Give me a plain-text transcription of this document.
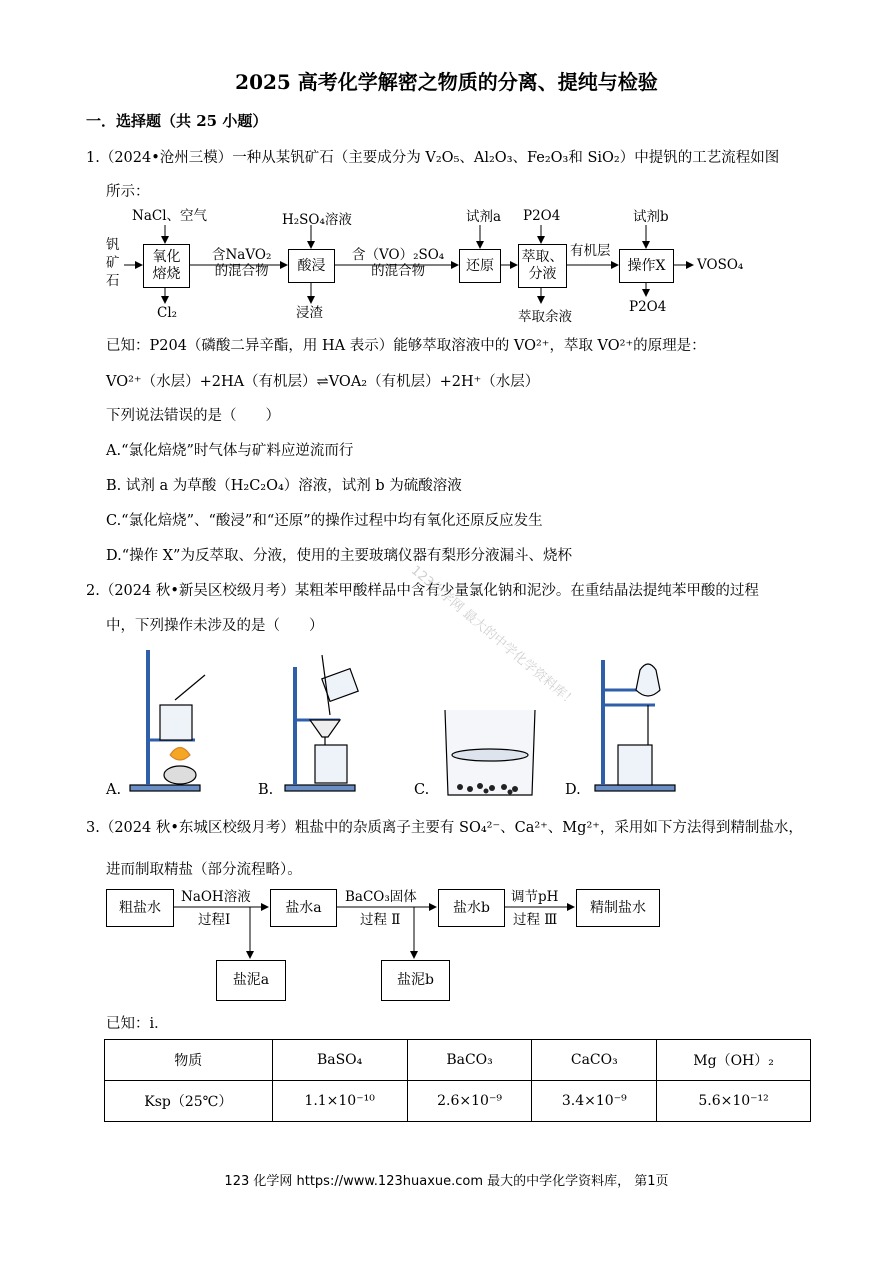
2025 高考化学解密之物质的分离、提纯与检验
一．选择题（共 25 小题）
1.（2024•沧州三模）一种从某钒矿石（主要成分为 V₂O₅、Al₂O₃、Fe₂O₃和 SiO₂）中提钒的工艺流程如图
所示：
钒
矿
石
NaCl、空气
氧化
熔烧
Cl₂
含NaVO₂
的混合物
H₂SO₄溶液
酸浸
浸渣
含（VO）₂SO₄
的混合物
试剂a
还原
P2O4
萃取、
分液
萃取余液
有机层
试剂b
操作X
P2O4
VOSO₄
已知：P204（磷酸二异辛酯，用 HA 表示）能够萃取溶液中的 VO²⁺，萃取 VO²⁺的原理是：
VO²⁺（水层）+2HA（有机层）⇌VOA₂（有机层）+2H⁺（水层）
下列说法错误的是（　　）
A.“氯化焙烧”时气体与矿料应逆流而行
B. 试剂 a 为草酸（H₂C₂O₄）溶液，试剂 b 为硫酸溶液
C.“氯化焙烧”、“酸浸”和“还原”的操作过程中均有氧化还原反应发生
D.“操作 X”为反萃取、分液，使用的主要玻璃仪器有梨形分液漏斗、烧杯
2.（2024 秋•新吴区校级月考）某粗苯甲酸样品中含有少量氯化钠和泥沙。在重结晶法提纯苯甲酸的过程
中，下列操作未涉及的是（　　）
A.	B.	C.	D.
3.（2024 秋•东城区校级月考）粗盐中的杂质离子主要有 SO₄²⁻、Ca²⁺、Mg²⁺，采用如下方法得到精制盐水，
进而制取精盐（部分流程略）。
粗盐水
NaOH溶液
过程I
盐水a
BaCO₃固体
过程 Ⅱ
盐水b
调节pH
过程 Ⅲ
精制盐水
盐泥a	盐泥b
已知：ⅰ．
物质	BaSO₄	BaCO₃	CaCO₃	Mg（OH）₂
Ksp（25℃）	1.1×10⁻¹⁰	2.6×10⁻⁹	3.4×10⁻⁹	5.6×10⁻¹²
123化学网 最大的中学化学资料库！
123 化学网 https://www.123huaxue.com 最大的中学化学资料库， 第1页
